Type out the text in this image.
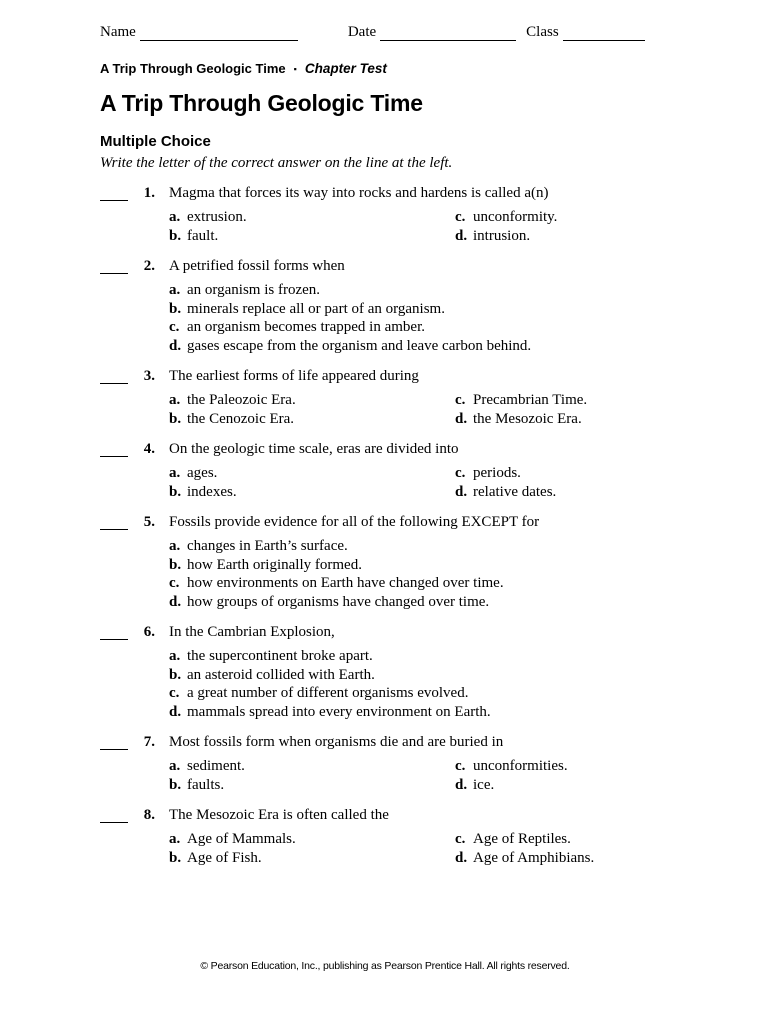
Name	Date	Class
A Trip Through Geologic Time ▪ Chapter Test
A Trip Through Geologic Time
Multiple Choice
Write the letter of the correct answer on the line at the left.
1. Magma that forces its way into rocks and hardens is called a(n)
a. extrusion.
b. fault.
c. unconformity.
d. intrusion.
2. A petrified fossil forms when
a. an organism is frozen.
b. minerals replace all or part of an organism.
c. an organism becomes trapped in amber.
d. gases escape from the organism and leave carbon behind.
3. The earliest forms of life appeared during
a. the Paleozoic Era.
b. the Cenozoic Era.
c. Precambrian Time.
d. the Mesozoic Era.
4. On the geologic time scale, eras are divided into
a. ages.
b. indexes.
c. periods.
d. relative dates.
5. Fossils provide evidence for all of the following EXCEPT for
a. changes in Earth’s surface.
b. how Earth originally formed.
c. how environments on Earth have changed over time.
d. how groups of organisms have changed over time.
6. In the Cambrian Explosion,
a. the supercontinent broke apart.
b. an asteroid collided with Earth.
c. a great number of different organisms evolved.
d. mammals spread into every environment on Earth.
7. Most fossils form when organisms die and are buried in
a. sediment.
b. faults.
c. unconformities.
d. ice.
8. The Mesozoic Era is often called the
a. Age of Mammals.
b. Age of Fish.
c. Age of Reptiles.
d. Age of Amphibians.
© Pearson Education, Inc., publishing as Pearson Prentice Hall. All rights reserved.
